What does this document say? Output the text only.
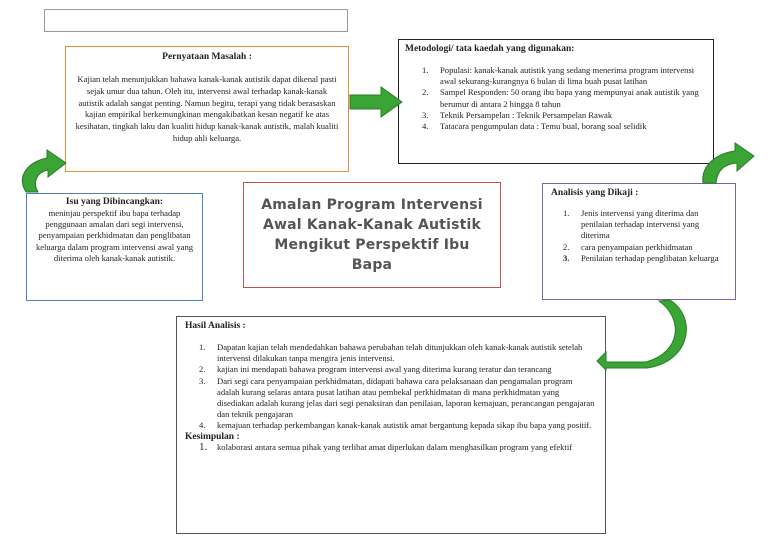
Pernyataan Masalah :
Kajian telah menunjukkan bahawa kanak-kanak autistik dapat dikenal pasti sejak umur dua tahun. Oleh itu, intervensi awal terhadap kanak-kanak autistik adalah sangat penting. Namun begitu, terapi yang tidak berasaskan kajian empirikal berkemungkinan mengakibatkan kesan negatif ke atas kesihatan, tingkah laku dan kualiti hidup kanak-kanak autistik, malah kualiti hidup ahli keluarga.
Metodologi/ tata kaedah yang digunakan:
1. Populasi: kanak-kanak autistik yang sedang menerima program intervensi awal sekurang-kurangnya 6 bulan di lima buah pusat latihan
2. Sampel Responden: 50 orang ibu bapa yang mempunyai anak autistik yang berumur di antara 2 hingga 8 tahun
3. Teknik Persampelan : Teknik Persampelan Rawak
4. Tatacara pengumpulan data : Temu bual, borang soal selidik
Isu yang Dibincangkan:
meninjau perspektif ibu bapa terhadap penggunaan amalan dari segi intervensi, penyampaian perkhidmatan dan penglibatan keluarga dalam program intervensi awal yang diterima oleh kanak-kanak autistik.
Amalan Program Intervensi Awal Kanak-Kanak Autistik Mengikut Perspektif Ibu Bapa
Analisis yang Dikaji :
1. Jenis intervensi yang diterima dan penilaian terhadap intervensi yang diterima
2. cara penyampaian perkhidmatan
3. Penilaian terhadap penglibatan keluarga
Hasil Analisis :
1. Dapatan kajian telah mendedahkan bahawa perubahan telah ditunjukkan oleh kanak-kanak autistik setelah intervensi dilakukan tanpa mengira jenis intervensi.
2. kajian ini mendapati bahawa program intervensi awal yang diterima kurang teratur dan terancang
3. Dari segi cara penyampaian perkhidmatan, didapati bahawa cara pelaksanaan dan pengamalan program adalah kurang selaras antara pusat latihan atau pembekal perkhidmatan di mana perkhidmatan yang disediakan adalah kurang jelas dari segi penaksiran dan penilaian, laporan kemajuan, perancangan pengajaran dan teknik pengajaran
4. kemajuan terhadap perkembangan kanak-kanak autistik amat bergantung kepada sikap ibu bapa yang positif.
Kesimpulan :
1. kolaborasi antara semua pihak yang terlibat amat diperlukan dalam menghasilkan program yang efektif
